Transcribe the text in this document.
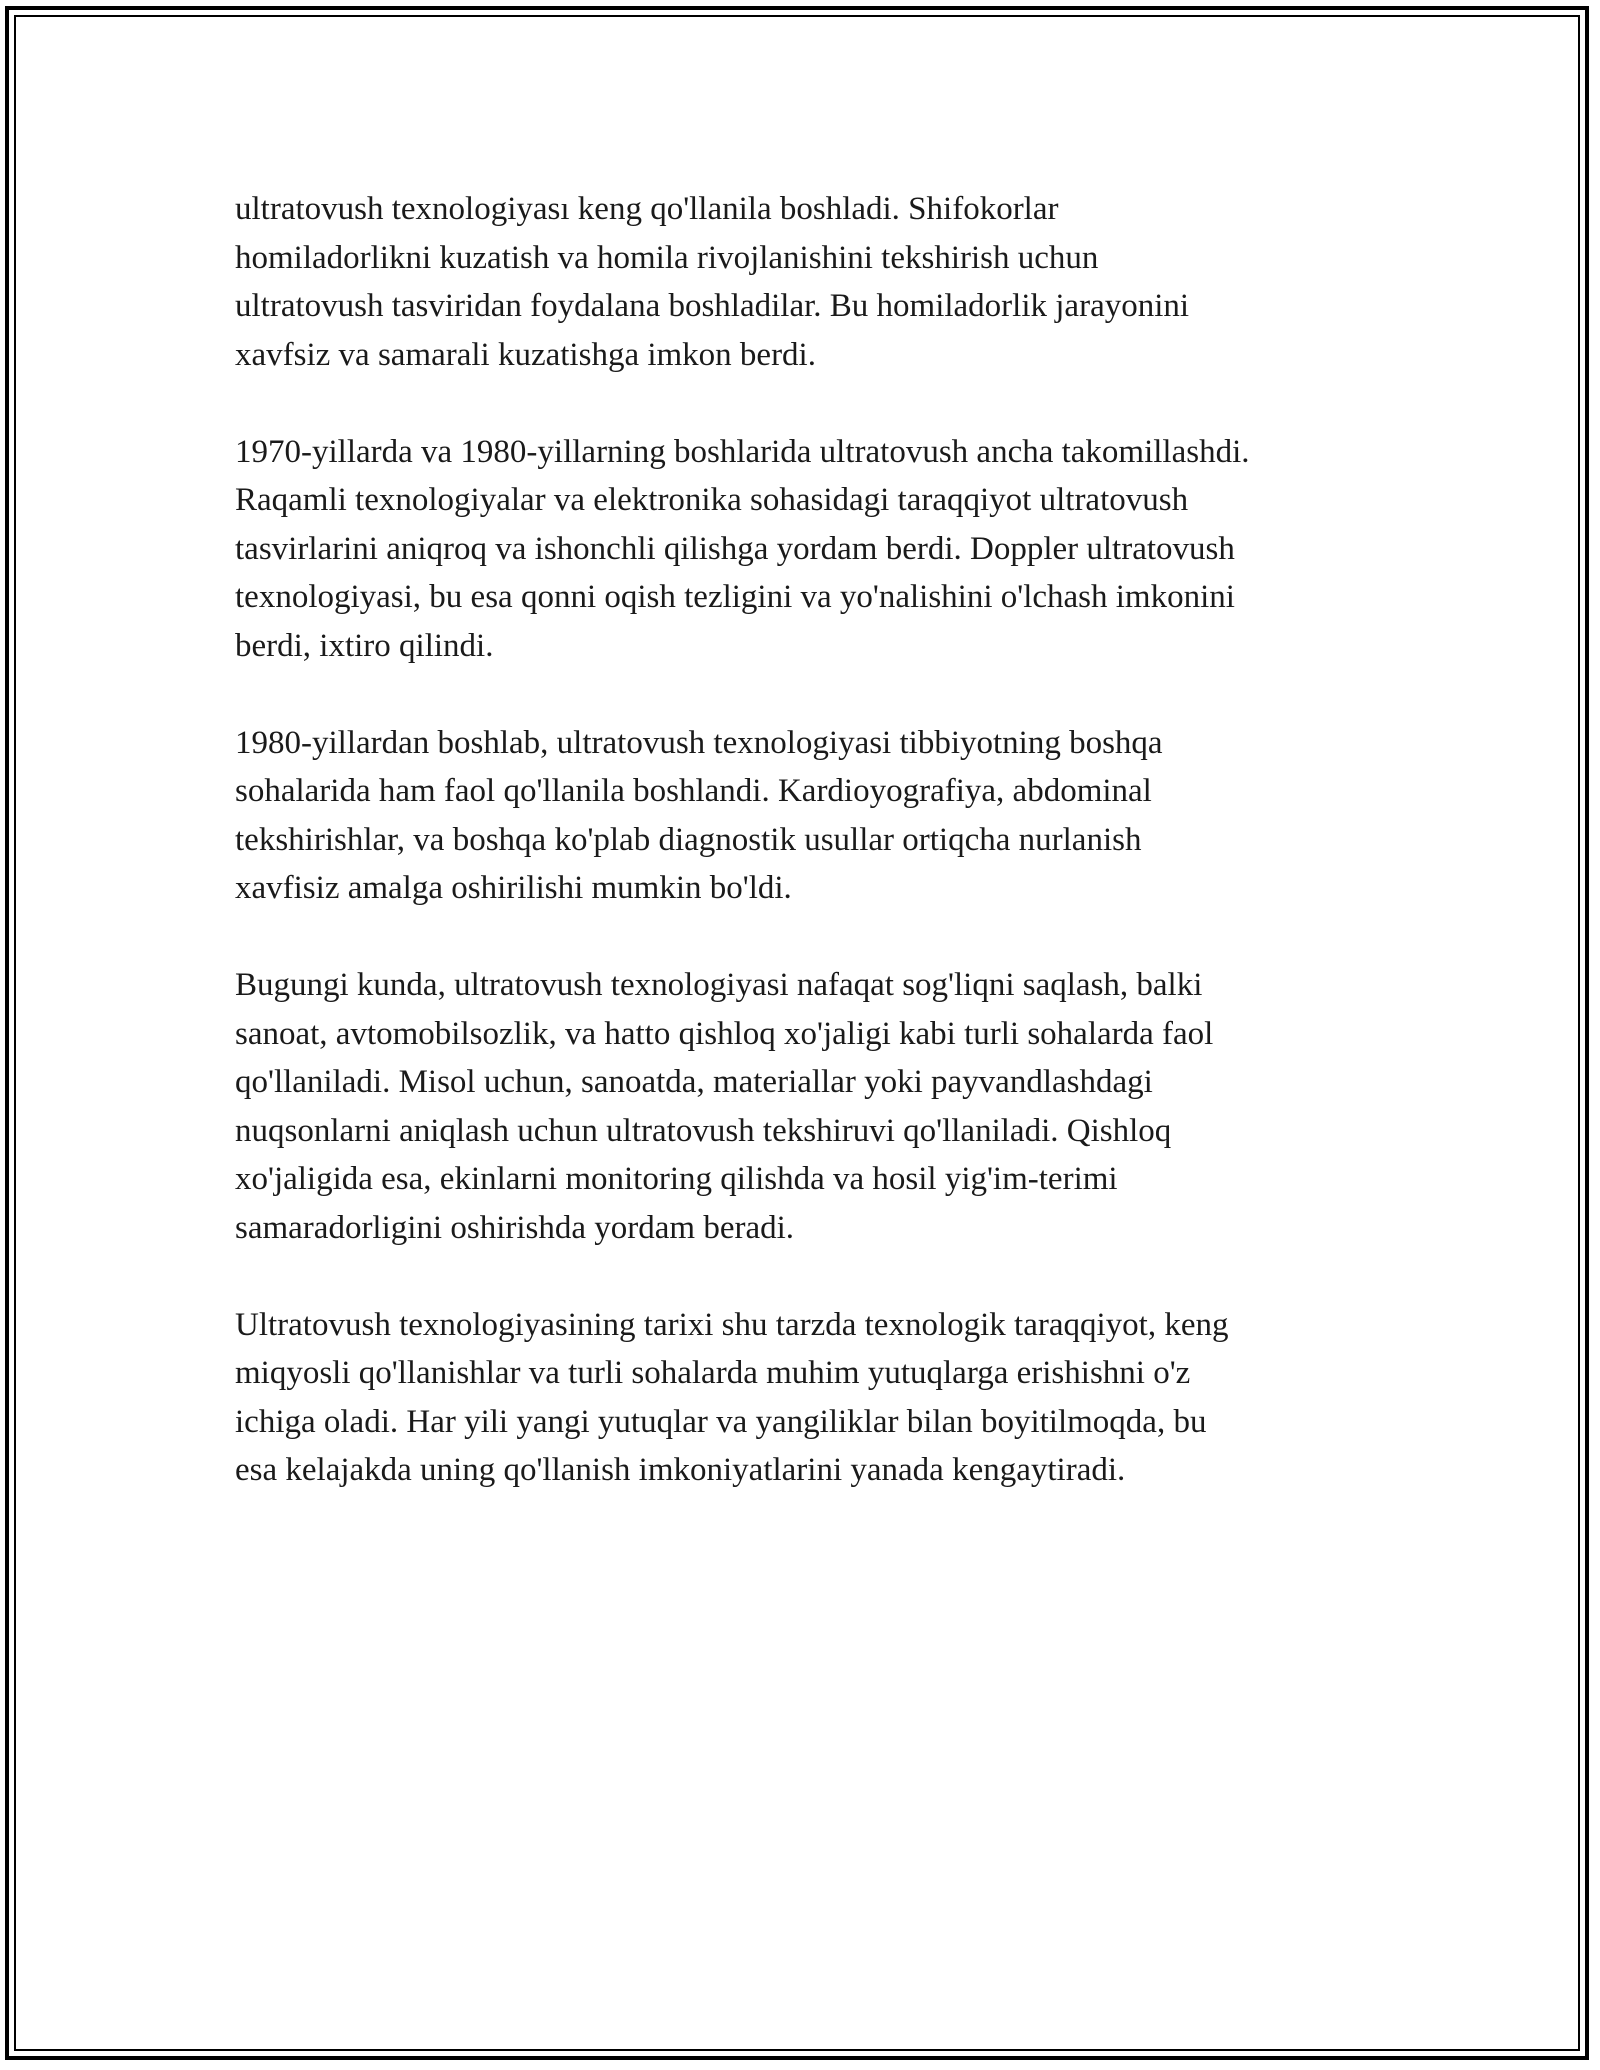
ultratovush texnologiyası keng qo'llanila boshladi. Shifokorlar
homiladorlikni kuzatish va homila rivojlanishini tekshirish uchun
ultratovush tasviridan foydalana boshladilar. Bu homiladorlik jarayonini
xavfsiz va samarali kuzatishga imkon berdi.

1970-yillarda va 1980-yillarning boshlarida ultratovush ancha takomillashdi.
Raqamli texnologiyalar va elektronika sohasidagi taraqqiyot ultratovush
tasvirlarini aniqroq va ishonchli qilishga yordam berdi. Doppler ultratovush
texnologiyasi, bu esa qonni oqish tezligini va yo'nalishini o'lchash imkonini
berdi, ixtiro qilindi.

1980-yillardan boshlab, ultratovush texnologiyasi tibbiyotning boshqa
sohalarida ham faol qo'llanila boshlandi. Kardioyografiya, abdominal
tekshirishlar, va boshqa ko'plab diagnostik usullar ortiqcha nurlanish
xavfisiz amalga oshirilishi mumkin bo'ldi.

Bugungi kunda, ultratovush texnologiyasi nafaqat sog'liqni saqlash, balki
sanoat, avtomobilsozlik, va hatto qishloq xo'jaligi kabi turli sohalarda faol
qo'llaniladi. Misol uchun, sanoatda, materiallar yoki payvandlashdagi
nuqsonlarni aniqlash uchun ultratovush tekshiruvi qo'llaniladi. Qishloq
xo'jaligida esa, ekinlarni monitoring qilishda va hosil yig'im-terimi
samaradorligini oshirishda yordam beradi.

Ultratovush texnologiyasining tarixi shu tarzda texnologik taraqqiyot, keng
miqyosli qo'llanishlar va turli sohalarda muhim yutuqlarga erishishni o'z
ichiga oladi. Har yili yangi yutuqlar va yangiliklar bilan boyitilmoqda, bu
esa kelajakda uning qo'llanish imkoniyatlarini yanada kengaytiradi.
